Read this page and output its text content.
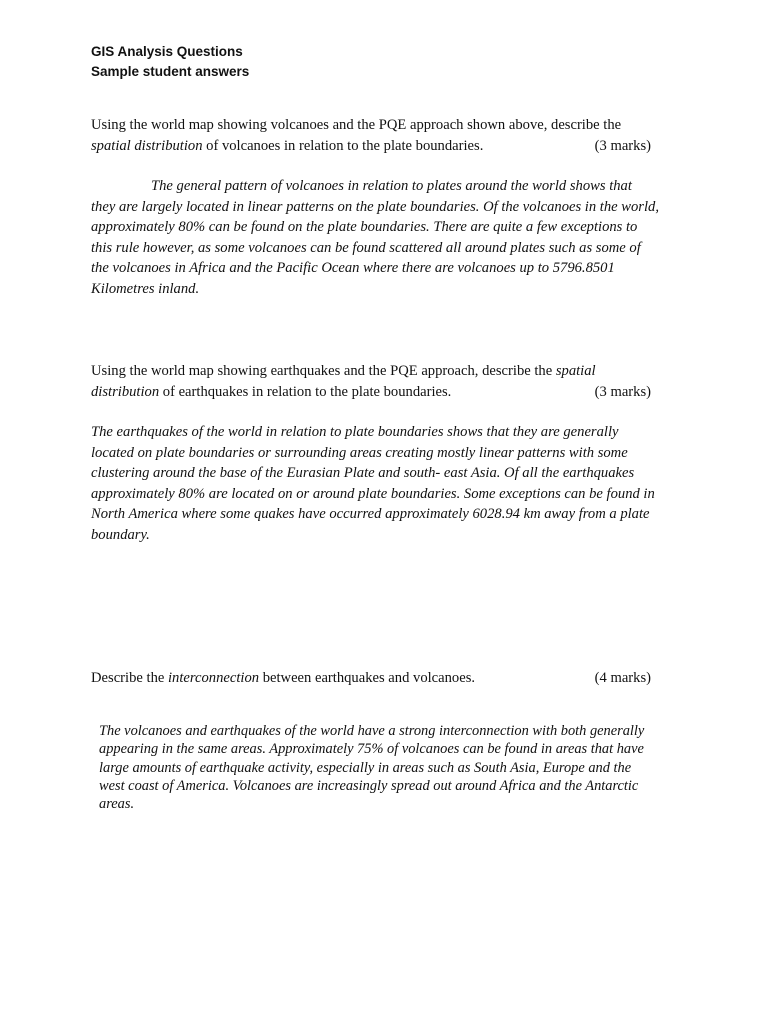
GIS Analysis Questions
Sample student answers
Using the world map showing volcanoes and the PQE approach shown above, describe the
spatial distribution of volcanoes in relation to the plate boundaries.	(3 marks)
The general pattern of volcanoes in relation to plates around the world shows that
they are largely located in linear patterns on the plate boundaries. Of the volcanoes in the world,
approximately 80% can be found on the plate boundaries. There are quite a few exceptions to
this rule however, as some volcanoes can be found scattered all around plates such as some of
the volcanoes in Africa and the Pacific Ocean where there are volcanoes up to 5796.8501
Kilometres inland.
Using the world map showing earthquakes and the PQE approach, describe the spatial
distribution of earthquakes in relation to the plate boundaries.	(3 marks)
The earthquakes of the world in relation to plate boundaries shows that they are generally
located on plate boundaries or surrounding areas creating mostly linear patterns with some
clustering around the base of the Eurasian Plate and south- east Asia. Of all the earthquakes
approximately 80% are located on or around plate boundaries. Some exceptions can be found in
North America where some quakes have occurred approximately 6028.94 km away from a plate
boundary.
Describe the interconnection between earthquakes and volcanoes.	(4 marks)
The volcanoes and earthquakes of the world have a strong interconnection with both generally
appearing in the same areas. Approximately 75% of volcanoes can be found in areas that have
large amounts of earthquake activity, especially in areas such as South Asia, Europe and the
west coast of America. Volcanoes are increasingly spread out around Africa and the Antarctic
areas.
